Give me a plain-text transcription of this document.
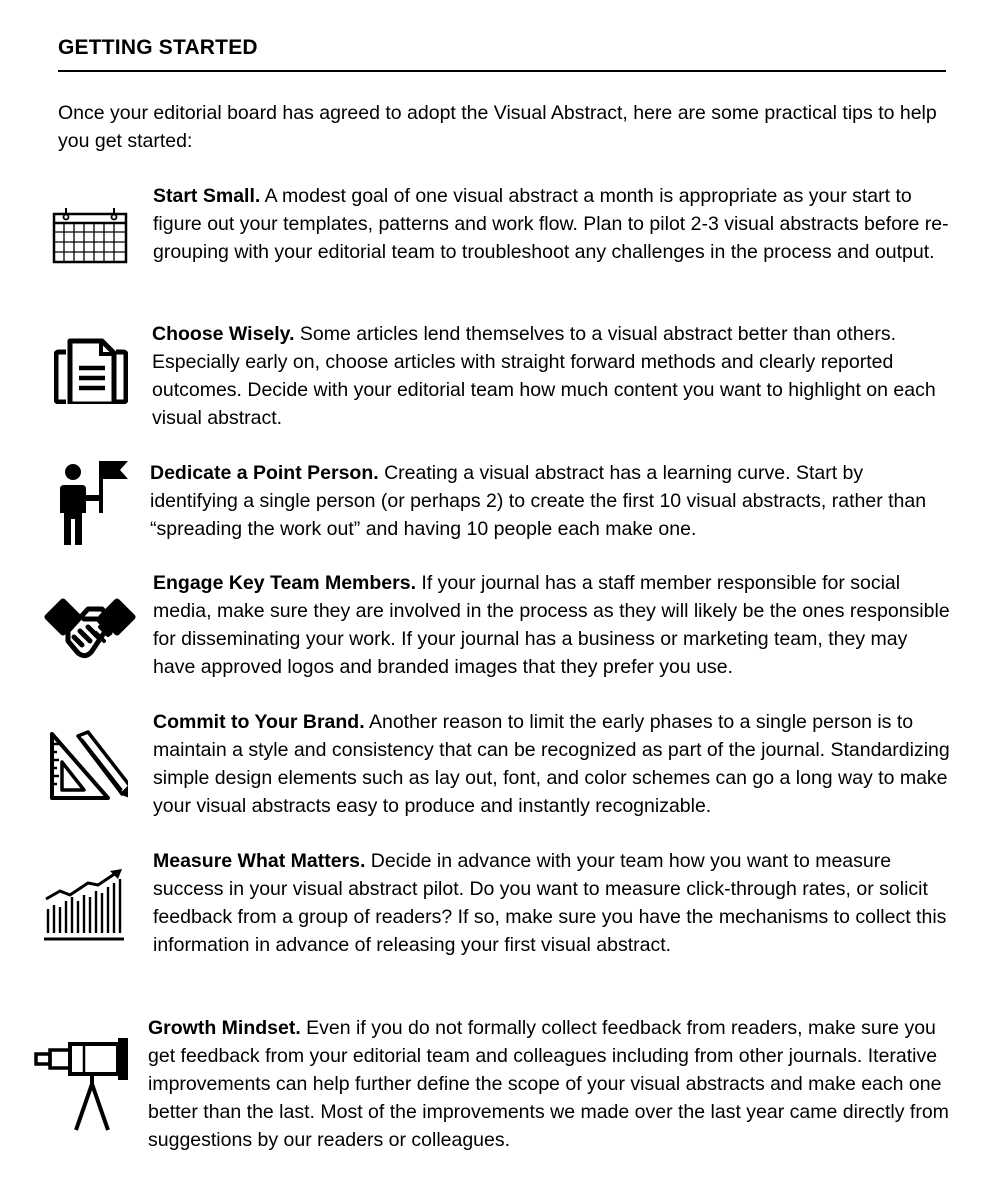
GETTING STARTED
Once your editorial board has agreed to adopt the Visual Abstract, here are some practical tips to help you get started:
Start Small. A modest goal of one visual abstract a month is appropriate as your start to figure out your templates, patterns and work flow. Plan to pilot 2-3 visual abstracts before re-grouping with your editorial team to troubleshoot any challenges in the process and output.
Choose Wisely. Some articles lend themselves to a visual abstract better than others. Especially early on, choose articles with straight forward methods and clearly reported outcomes. Decide with your editorial team how much content you want to highlight on each visual abstract.
Dedicate a Point Person. Creating a visual abstract has a learning curve. Start by identifying a single person (or perhaps 2) to create the first 10 visual abstracts, rather than “spreading the work out” and having 10 people each make one.
Engage Key Team Members. If your journal has a staff member responsible for social media, make sure they are involved in the process as they will likely be the ones responsible for disseminating your work. If your journal has a business or marketing team, they may have approved logos and branded images that they prefer you use.
Commit to Your Brand. Another reason to limit the early phases to a single person is to maintain a style and consistency that can be recognized as part of the journal. Standardizing simple design elements such as lay out, font, and color schemes can go a long way to make your visual abstracts easy to produce and instantly recognizable.
Measure What Matters. Decide in advance with your team how you want to measure success in your visual abstract pilot. Do you want to measure click-through rates, or solicit feedback from a group of readers? If so, make sure you have the mechanisms to collect this information in advance of releasing your first visual abstract.
Growth Mindset. Even if you do not formally collect feedback from readers, make sure you get feedback from your editorial team and colleagues including from other journals. Iterative improvements can help further define the scope of your visual abstracts and make each one better than the last. Most of the improvements we made over the last year came directly from suggestions by our readers or colleagues.
